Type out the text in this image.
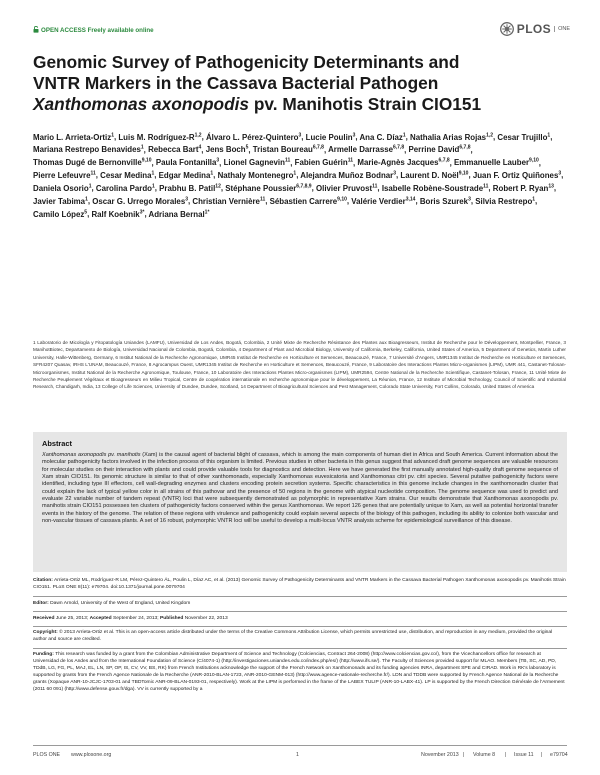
OPEN ACCESS Freely available online	PLOS	ONE
Genomic Survey of Pathogenicity Determinants and
VNTR Markers in the Cassava Bacterial Pathogen
Xanthomonas axonopodis pv. Manihotis Strain CIO151

Mario L. Arrieta-Ortiz$^1$, Luis M. Rodríguez-$R^{1,2}$, Álvaro L. Pérez-Quintero$^3$, Lucie Poulin$^3$, Ana C. Díaz$^1$, Nathalia Arias Rojas$^{1,2}$, Cesar Trujillo$^1$, Mariana Restrepo Benavides$^1$, Rebecca Bart$^4$, Jens Boch$^5$, Tristan Boureau$^{6,7,8}$, Armelle Darrasse$^{6,7,8}$, Perrine David$^{6,7,8}$, Thomas Dugé de Bernonville$^{9,10}$, Paula Fontanilla$^3$, Lionel Gagnevin$^{11}$, Fabien Guérin$^{11}$, Marie-Agnès Jacques$^{6,7,8}$, Emmanuelle Lauber$^{9,10}$, Pierre Lefeuvre$^{11}$, Cesar Medina$^1$, Edgar Medina$^1$, Nathaly Montenegro$^1$, Alejandra Muñoz Bodnar$^3$, Laurent D. Noël$^{9,10}$, Juan F. Ortiz Quiñones$^3$, Daniela Osorio$^1$, Carolina Pardo$^1$, Prabhu B. Patil$^{12}$, Stéphane Poussier$^{6,7,8,9}$, Olivier Pruvost$^{11}$, Isabelle Robène-Soustrade$^{11}$, Robert P. Ryan$^{13}$, Javier Tabima$^1$, Oscar G. Urrego Morales$^3$, Christian Vernière$^{11}$, Sébastien Carrere$^{9,10}$, Valérie Verdier$^{3,14}$, Boris Szurek$^3$, Silvia Restrepo$^1$, Camilo López$^5$, Ralf Koebnik$^{3*}$, Adriana Bernal$^{1*}$

1 Laboratorio de Micología y Fitopatología Uniandes (LAMFU), Universidad de Los Andes, Bogotá, Colombia, 2 Unité Mixte de Recherche Résistance des Plantes aux Bioagresseurs, Institut de Recherche pour le Développement, Montpellier, France, 3 ManihotBiotec, Departamento de Biología, Universidad Nacional de Colombia, Bogotá, Colombia, 4 Department of Plant and Microbial Biology, University of California, Berkeley, California, United States of America, 5 Department of Genetics, Martin Luther University, Halle-Wittenberg, Germany, 6 Institut National de la Recherche Agronomique, UMR45 Institut de Recherche en Horticulture et Semences, Beaucouzé, France, 7 Université d'Angers, UMR1345 Institut de Recherche en Horticulture et Semences, SFR4207 Quasav, IRHS L'UNAM, Beaucouzé, France, 8 Agrocampus Ouest, UMR1345 Institut de Recherche en Horticulture et Semences, Beaucouzé, France, 9 Laboratoire des Interactions Plantes Micro-organismes (LIPM), UMR 441, Castanet-Tolosan-Microorganismes, Institut National de la Recherche Agronomique, Toulouse, France, 10 Laboratoire des Interactions Plantes Micro-organismes (LIPM), UMR2594, Centre National de la Recherche Scientifique, Castanet-Tolosan, France, 11 Unité Mixte de Recherche Peuplement Végétaux et Bioagresseurs en Milieu Tropical, Centre de coopération internationale en recherche agronomique pour le développement, La Réunion, France, 12 Institute of Microbial Technology, Council of Scientific and Industrial Research, Chandigarh, India, 13 College of Life Sciences, University of Dundee, Dundee, Scotland, 14 Department of Bioagricultural Sciences and Pest Management, Colorado State University, Fort Collins, Colorado, United States of America

Abstract

Xanthomonas axonopodis pv. manihotis (Xam) is the causal agent of bacterial blight of cassava, which is among the main components of human diet in Africa and South America. Current information about the molecular pathogenicity factors involved in the infection process of this organism is limited. Previous studies in other bacteria in this genus suggest that advanced draft genome sequences are valuable resources for molecular studies on their interaction with plants and could provide valuable tools for diagnostics and detection. Here we have generated the first manually annotated high-quality draft genome sequence of Xam strain CIO151. Its genomic structure is similar to that of other xanthomonads, especially Xanthomonas euvesicatoria and Xanthomonas citri pv. citri species. Several putative pathogenicity factors were identified, including type III effectors, cell wall-degrading enzymes and clusters encoding protein secretion systems. Specific characteristics in this genome include changes in the xanthomonadin cluster that could explain the lack of typical yellow color in all strains of this pathovar and the presence of 50 regions in the genome with atypical nucleotide composition. The genome sequence was used to predict and evaluate 22 variable number of tandem repeat (VNTR) loci that were subsequently demonstrated as polymorphic in representative Xam strains. Our results demonstrate that Xanthomonas axonopodis pv. manihotis strain CIO151 possesses ten clusters of pathogenicity factors conserved within the genus Xanthomonas. We report 126 genes that are potentially unique to Xam, as well as potential horizontal transfer events in the history of the genome. The relation of these regions with virulence and pathogenicity could explain several aspects of the biology of this pathogen, including its ability to colonize both vascular and non-vascular tissues of cassava plants. A set of 16 robust, polymorphic VNTR loci will be useful to develop a multi-locus VNTR analysis scheme for epidemiological surveillance of this disease.

Citation: Arrieta-Ortiz ML, Rodríguez-R LM, Pérez-Quintero ÁL, Poulin L, Díaz AC, et al. (2013) Genomic Survey of Pathogenicity Determinants and VNTR Markers in the Cassava Bacterial Pathogen Xanthomonas axonopodis pv. Manihotis Strain CIO151. PLoS ONE 8(11): e79704. doi:10.1371/journal.pone.0079704

Editor: Dawn Arnold, University of the West of England, United Kingdom

Received June 25, 2013; Accepted September 24, 2013; Published November 22, 2013

Copyright: © 2013 Arrieta-Ortiz et al. This is an open-access article distributed under the terms of the Creative Commons Attribution License, which permits unrestricted use, distribution, and reproduction in any medium, provided the original author and source are credited.

Funding: This research was funded by a grant from the Colombian Administrative Department of Science and Technology (Colciencias, Contract 264-2008) (http://www.colciencias.gov.co/), from the Vicechancellors office for research at Universidad de los Andes and from the International Foundation of Science (C/4074-1) (http://investigaciones.uniandes.edu.co/index.php/es/) (http://www.ifs.se/). The Faculty of Sciences provided support for MLAO. Members (TB, SC, AD, PD, TDdB, LG, FG, PL, MAJ, EL, LN, SP, OP, IS, CV, VV, BS, RK) from French Institutions acknowledge the support of the French Network on Xanthomonads and its funding agencies INRA, department SPE and CIRAD. Work in RK's laboratory is supported by grants from the French Agence Nationale de la Recherche (ANR-2010-BLAN-1723, ANR-2010-GENM-013) (http://www.agence-nationale-recherche.fr/). LDN and TDDB were supported by French Agence National de la Recherche grants (Xopaque ANR-10-JCJC-1703-01 and TBDTomic ANR-09-BLAN-0193-01, respectively). Work at the LIPM is performed in the frame of the LABEX TULIP (ANR-10-LABX-41). LP is supported by the French Direction Générale de l'Armement (2011 60 091) (http://www.defense.gouv.fr/dga). VV is currently supported by a

PLOS ONE www.plosone.org	1	November 2013 | Volume 8 | Issue 11 | e79704
